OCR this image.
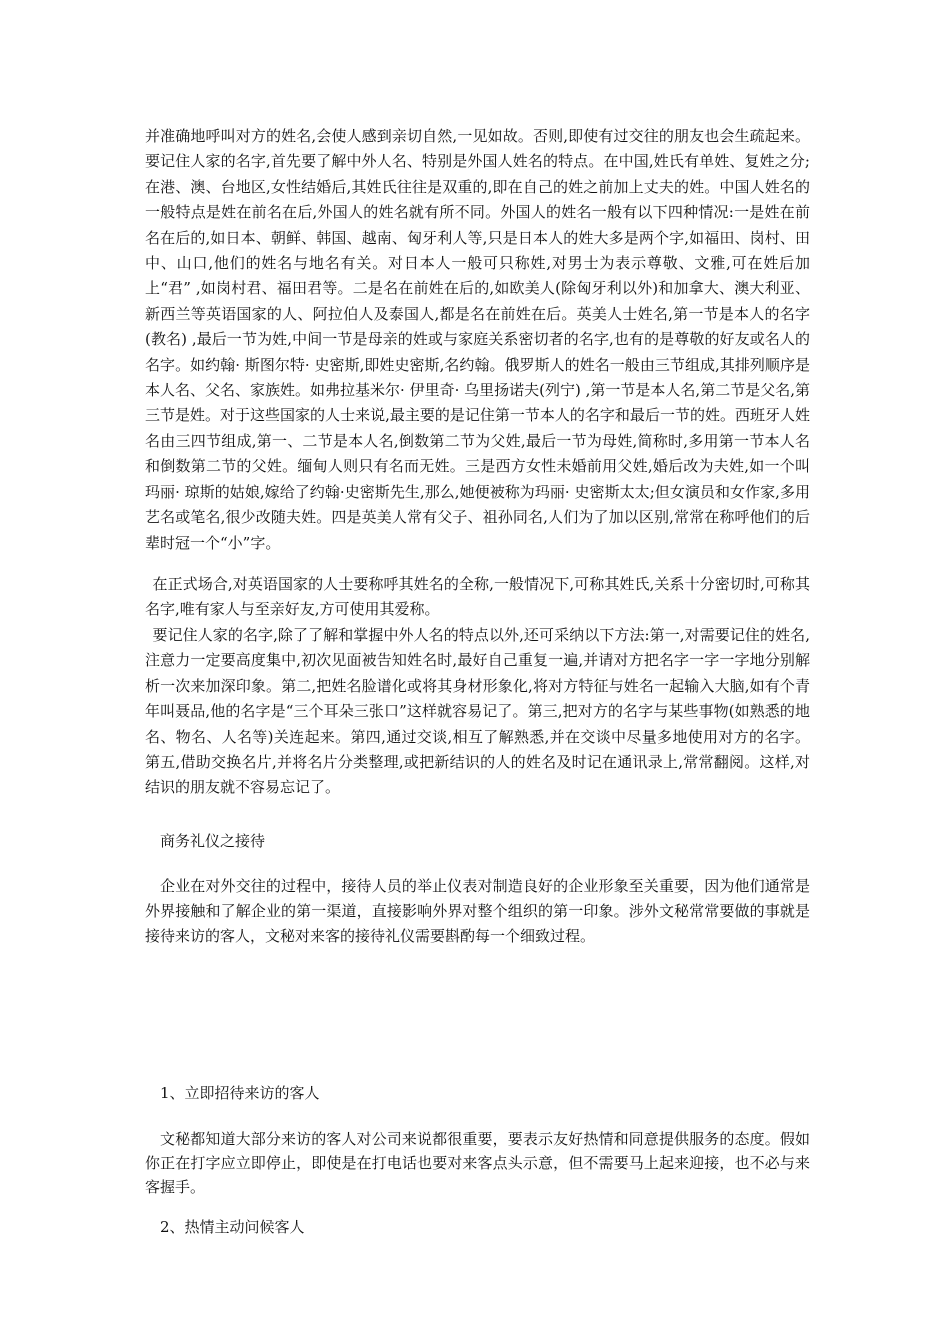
并准确地呼叫对方的姓名,会使人感到亲切自然,一见如故。否则,即使有过交往的朋友也会生疏起来。要记住人家的名字,首先要了解中外人名、特别是外国人姓名的特点。在中国,姓氏有单姓、复姓之分;在港、澳、台地区,女性结婚后,其姓氏往往是双重的,即在自己的姓之前加上丈夫的姓。中国人姓名的一般特点是姓在前名在后,外国人的姓名就有所不同。外国人的姓名一般有以下四种情况:一是姓在前名在后的,如日本、朝鲜、韩国、越南、匈牙利人等,只是日本人的姓大多是两个字,如福田、岗村、田中、山口,他们的姓名与地名有关。对日本人一般可只称姓,对男士为表示尊敬、文雅,可在姓后加上“君” ,如岗村君、福田君等。二是名在前姓在后的,如欧美人(除匈牙利以外)和加拿大、澳大利亚、新西兰等英语国家的人、阿拉伯人及泰国人,都是名在前姓在后。英美人士姓名,第一节是本人的名字(教名) ,最后一节为姓,中间一节是母亲的姓或与家庭关系密切者的名字,也有的是尊敬的好友或名人的名字。如约翰· 斯图尔特· 史密斯,即姓史密斯,名约翰。俄罗斯人的姓名一般由三节组成,其排列顺序是本人名、父名、家族姓。如弗拉基米尔· 伊里奇· 乌里扬诺夫(列宁) ,第一节是本人名,第二节是父名,第三节是姓。对于这些国家的人士来说,最主要的是记住第一节本人的名字和最后一节的姓。西班牙人姓名由三四节组成,第一、二节是本人名,倒数第二节为父姓,最后一节为母姓,简称时,多用第一节本人名和倒数第二节的父姓。缅甸人则只有名而无姓。三是西方女性未婚前用父姓,婚后改为夫姓,如一个叫玛丽· 琼斯的姑娘,嫁给了约翰·史密斯先生,那么,她便被称为玛丽· 史密斯太太;但女演员和女作家,多用艺名或笔名,很少改随夫姓。四是英美人常有父子、祖孙同名,人们为了加以区别,常常在称呼他们的后辈时冠一个“小”字。

在正式场合,对英语国家的人士要称呼其姓名的全称,一般情况下,可称其姓氏,关系十分密切时,可称其名字,唯有家人与至亲好友,方可使用其爱称。

要记住人家的名字,除了了解和掌握中外人名的特点以外,还可采纳以下方法:第一,对需要记住的姓名,注意力一定要高度集中,初次见面被告知姓名时,最好自己重复一遍,并请对方把名字一字一字地分别解析一次来加深印象。第二,把姓名脸谱化或将其身材形象化,将对方特征与姓名一起输入大脑,如有个青年叫聂品,他的名字是“三个耳朵三张口”这样就容易记了。第三,把对方的名字与某些事物(如熟悉的地名、物名、人名等)关连起来。第四,通过交谈,相互了解熟悉,并在交谈中尽量多地使用对方的名字。第五,借助交换名片,并将名片分类整理,或把新结识的人的姓名及时记在通讯录上,常常翻阅。这样,对结识的朋友就不容易忘记了。

商务礼仪之接待

企业在对外交往的过程中，接待人员的举止仪表对制造良好的企业形象至关重要，因为他们通常是外界接触和了解企业的第一渠道，直接影响外界对整个组织的第一印象。涉外文秘常常要做的事就是接待来访的客人，文秘对来客的接待礼仪需要斟酌每一个细致过程。

1、立即招待来访的客人

文秘都知道大部分来访的客人对公司来说都很重要，要表示友好热情和同意提供服务的态度。假如你正在打字应立即停止，即使是在打电话也要对来客点头示意，但不需要马上起来迎接，也不必与来客握手。

2、热情主动问候客人
